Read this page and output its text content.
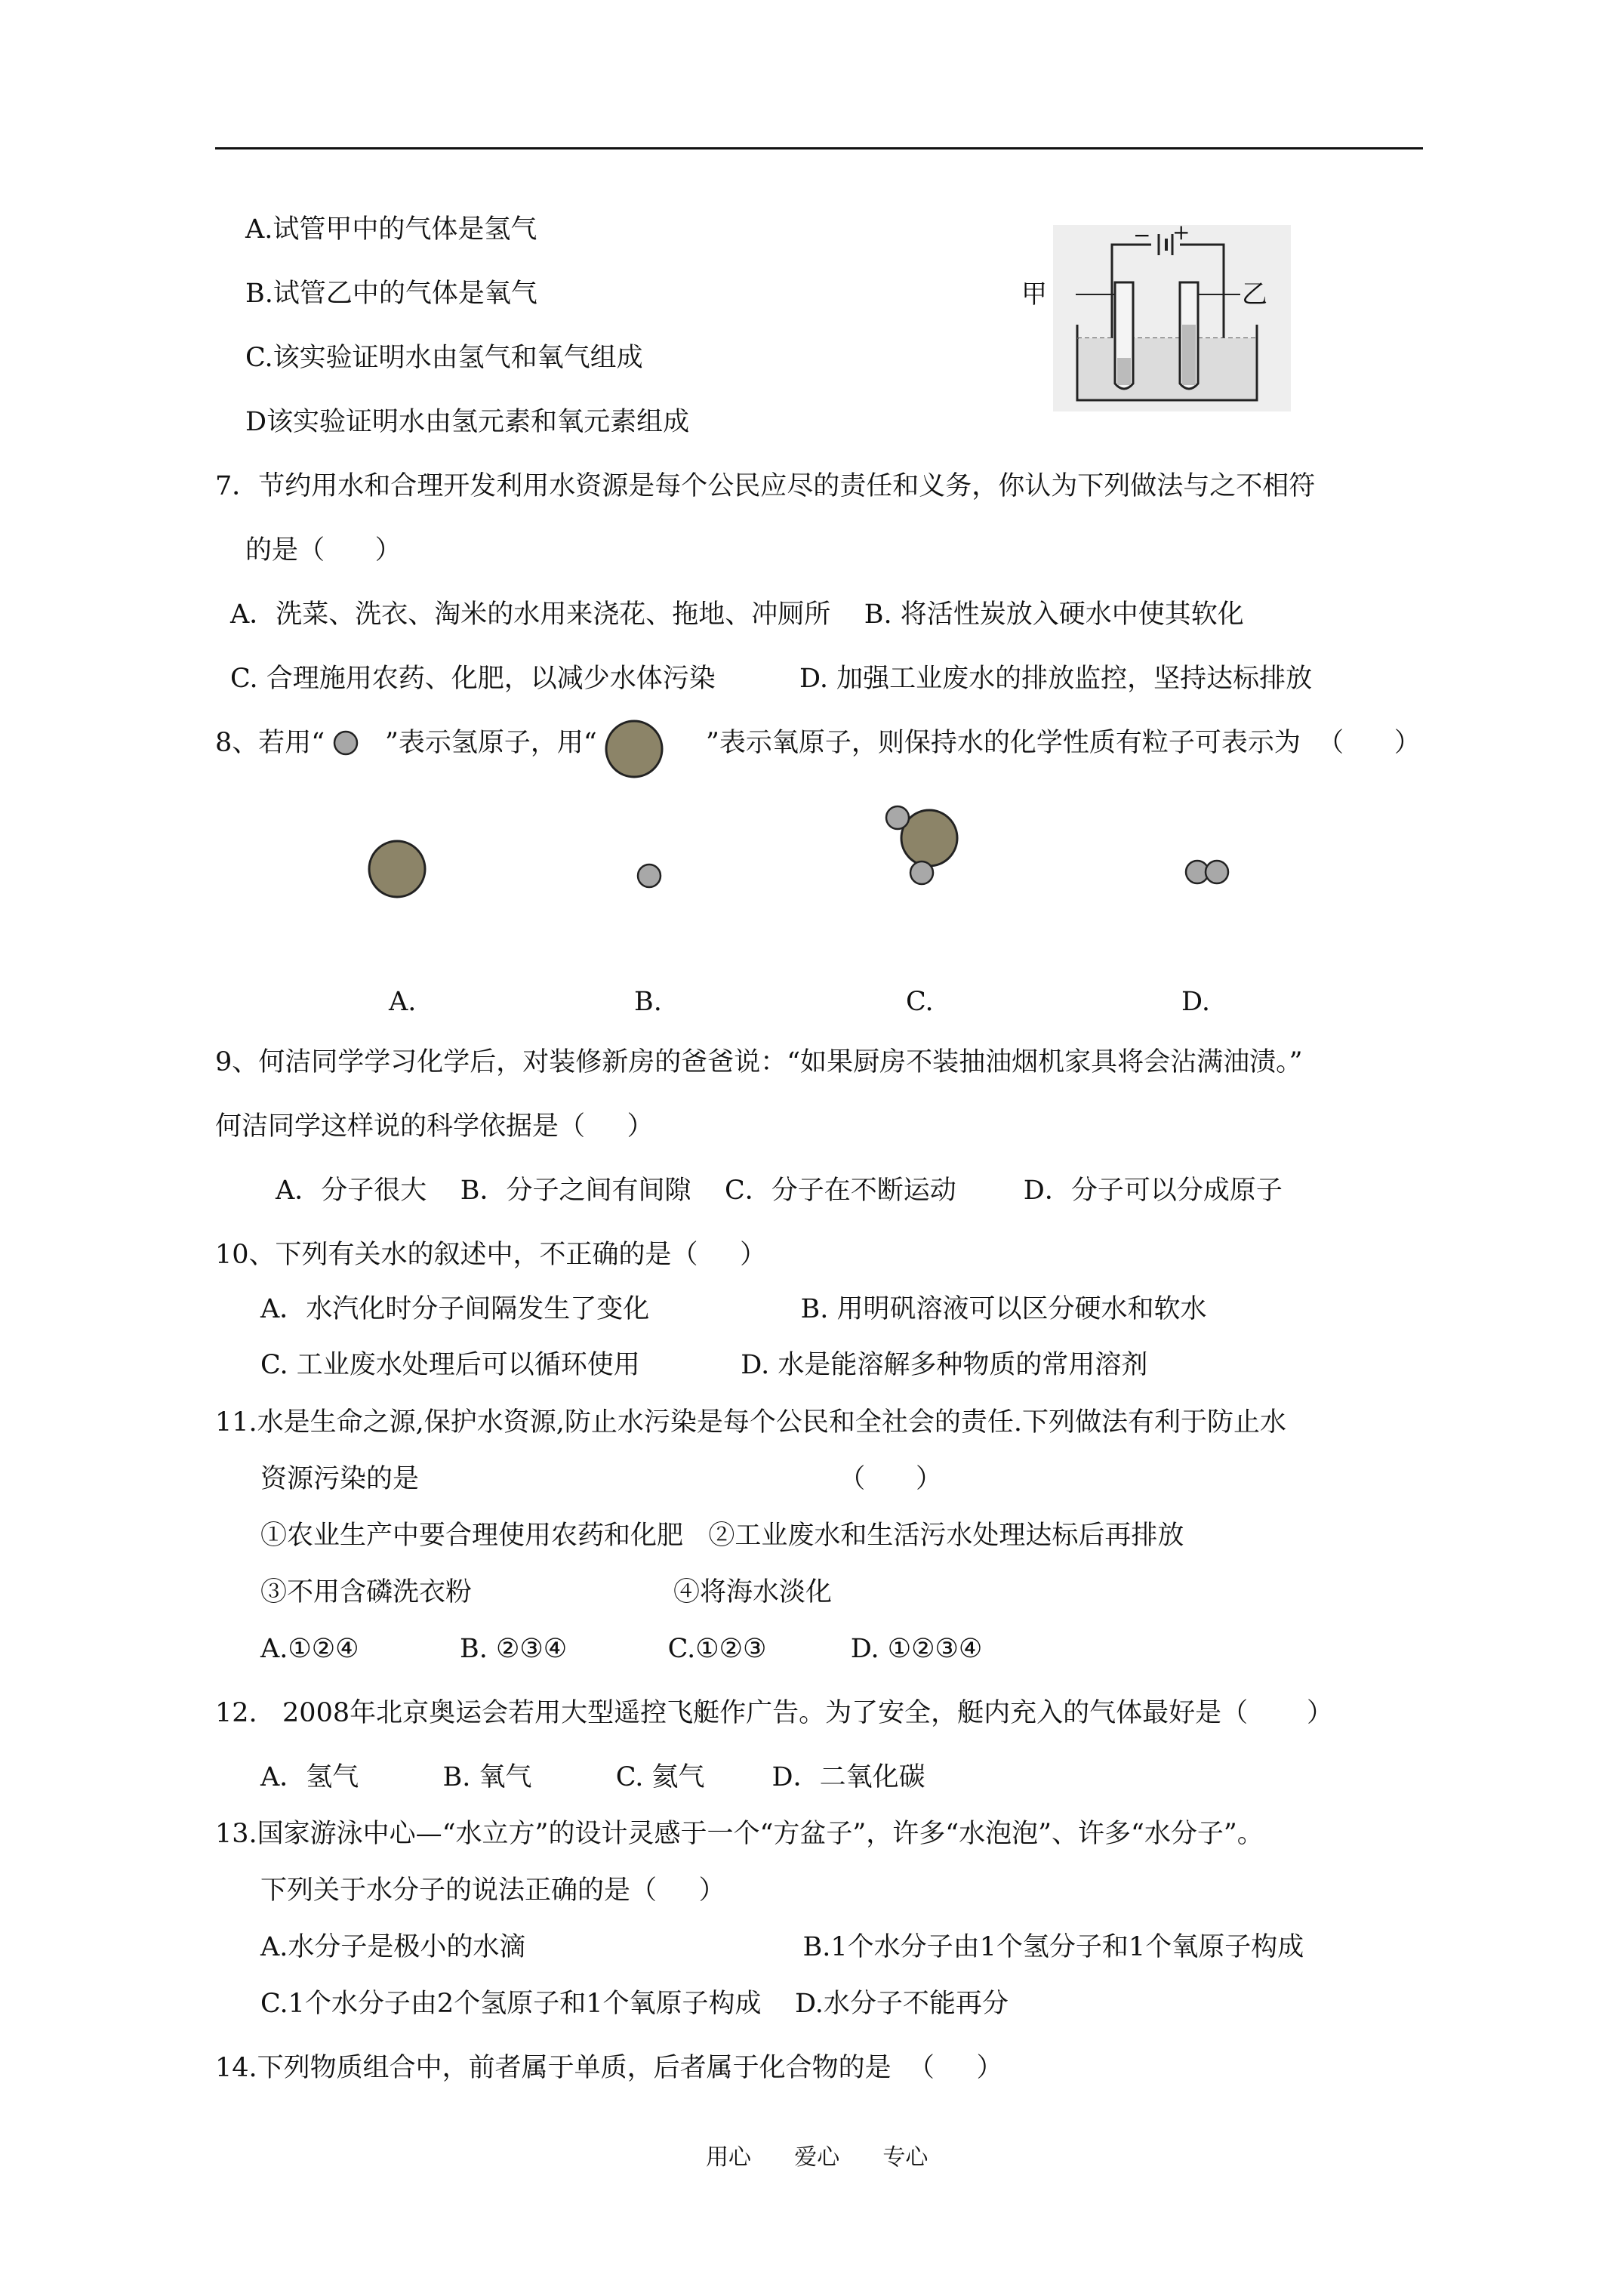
A.试管甲中的气体是氢气
B.试管乙中的气体是氧气
C.该实验证明水由氢气和氧气组成
D该实验证明水由氢元素和氧元素组成
甲	乙
− +
7．节约用水和合理开发利用水资源是每个公民应尽的责任和义务，你认为下列做法与之不相符
的是（      ）
A．洗菜、洗衣、淘米的水用来浇花、拖地、冲厕所    B. 将活性炭放入硬水中使其软化
C. 合理施用农药、化肥，以减少水体污染          D. 加强工业废水的排放监控，坚持达标排放
8、若用“ ”表示氢原子，用“	”表示氧原子，则保持水的化学性质有粒子可表示为  （      ）
A.	B.	C.	D.
9、何洁同学学习化学后，对装修新房的爸爸说：“如果厨房不装抽油烟机家具将会沾满油渍。”
何洁同学这样说的科学依据是（     ）
A．分子很大    B．分子之间有间隙    C．分子在不断运动        D．分子可以分成原子
10、下列有关水的叙述中，不正确的是（     ）
A．水汽化时分子间隔发生了变化                  B. 用明矾溶液可以区分硬水和软水
C. 工业废水处理后可以循环使用            D. 水是能溶解多种物质的常用溶剂
11.水是生命之源,保护水资源,防止水污染是每个公民和全社会的责任.下列做法有利于防止水
资源污染的是                                                  （      ）
①农业生产中要合理使用农药和化肥   ②工业废水和生活污水处理达标后再排放
③不用含磷洗衣粉                        ④将海水淡化
A.①②④            B. ②③④            C.①②③          D. ①②③④
12.   2008年北京奥运会若用大型遥控飞艇作广告。为了安全，艇内充入的气体最好是（       ）
A．氢气          B. 氧气          C. 氦气        D．二氧化碳
13.国家游泳中心—“水立方”的设计灵感于一个“方盆子”，许多“水泡泡”、许多“水分子”。
下列关于水分子的说法正确的是（     ）
A.水分子是极小的水滴                                 B.1个水分子由1个氢分子和1个氧原子构成
C.1个水分子由2个氢原子和1个氧原子构成    D.水分子不能再分
14.下列物质组合中，前者属于单质，后者属于化合物的是  （     ）
用心      爱心      专心
